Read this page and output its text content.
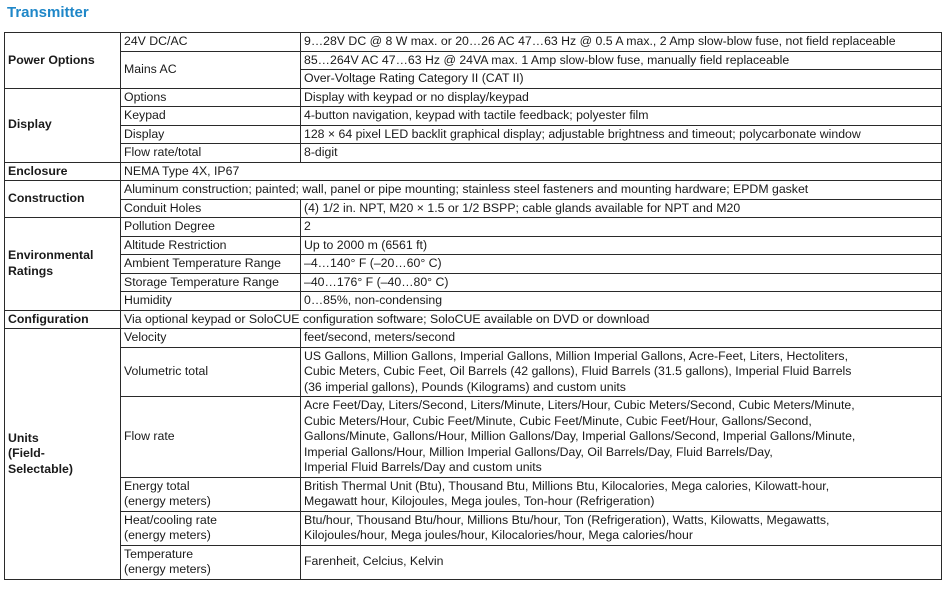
Transmitter
Power Options	24V DC/AC	9…28V DC @ 8 W max. or 20…26 AC 47…63 Hz @ 0.5 A max., 2 Amp slow-blow fuse, not field replaceable
	Mains AC	85…264V AC 47…63 Hz @ 24VA max. 1 Amp slow-blow fuse, manually field replaceable
		Over-Voltage Rating Category II (CAT II)
Display	Options	Display with keypad or no display/keypad
	Keypad	4-button navigation, keypad with tactile feedback; polyester film
	Display	128 × 64 pixel LED backlit graphical display; adjustable brightness and timeout; polycarbonate window
	Flow rate/total	8-digit
Enclosure	NEMA Type 4X, IP67	
Construction	Aluminum construction; painted; wall, panel or pipe mounting; stainless steel fasteners and mounting hardware; EPDM gasket	
	Conduit Holes	(4) 1/2 in. NPT, M20 × 1.5 or 1/2 BSPP; cable glands available for NPT and M20
Environmental
Ratings	Pollution Degree	2
	Altitude Restriction	Up to 2000 m (6561 ft)
	Ambient Temperature Range	–4…140° F (–20…60° C)
	Storage Temperature Range	–40…176° F (–40…80° C)
	Humidity	0…85%, non-condensing
Configuration	Via optional keypad or SoloCUE configuration software; SoloCUE available on DVD or download	
Units
(Field-
Selectable)	Velocity	feet/second, meters/second
	Volumetric total	US Gallons, Million Gallons, Imperial Gallons, Million Imperial Gallons, Acre-Feet, Liters, Hectoliters,
Cubic Meters, Cubic Feet, Oil Barrels (42 gallons), Fluid Barrels (31.5 gallons), Imperial Fluid Barrels
(36 imperial gallons), Pounds (Kilograms) and custom units
	Flow rate	Acre Feet/Day, Liters/Second, Liters/Minute, Liters/Hour, Cubic Meters/Second, Cubic Meters/Minute,
Cubic Meters/Hour, Cubic Feet/Minute, Cubic Feet/Minute, Cubic Feet/Hour, Gallons/Second,
Gallons/Minute, Gallons/Hour, Million Gallons/Day, Imperial Gallons/Second, Imperial Gallons/Minute,
Imperial Gallons/Hour, Million Imperial Gallons/Day, Oil Barrels/Day, Fluid Barrels/Day,
Imperial Fluid Barrels/Day and custom units
	Energy total
(energy meters)	British Thermal Unit (Btu), Thousand Btu, Millions Btu, Kilocalories, Mega calories, Kilowatt-hour,
Megawatt hour, Kilojoules, Mega joules, Ton-hour (Refrigeration)
	Heat/cooling rate
(energy meters)	Btu/hour, Thousand Btu/hour, Millions Btu/hour, Ton (Refrigeration), Watts, Kilowatts, Megawatts,
Kilojoules/hour, Mega joules/hour, Kilocalories/hour, Mega calories/hour
	Temperature
(energy meters)	Farenheit, Celcius, Kelvin
